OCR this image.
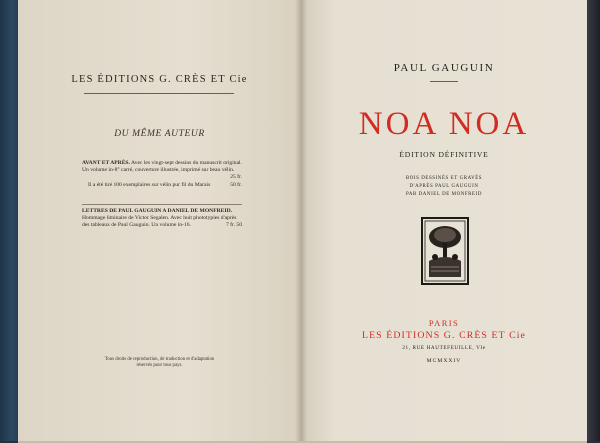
LES ÉDITIONS G. CRÈS ET Cie
DU MÊME AUTEUR
AVANT ET APRÈS. Avec les vingt-sept dessins du manuscrit original. Un volume in-8° carré, couverture illustrée, imprimé sur beau vélin.
25 fr.
Il a été tiré 100 exemplaires sur vélin pur fil du Marais	50 fr.
LETTRES DE PAUL GAUGUIN A DANIEL DE MONFREID. Hommage liminaire de Victor Segalen. Avec huit phototypies d'après des tableaux de Paul Gauguin. Un volume in-16.	7 fr. 50
Tous droits de reproduction, de traduction et d'adaptation
réservés pour tous pays.
PAUL GAUGUIN
NOA NOA
ÉDITION DÉFINITIVE
BOIS DESSINÉS ET GRAVÉS
D'APRÈS PAUL GAUGUIN
PAR DANIEL DE MONFREID
PARIS
LES ÉDITIONS G. CRÈS ET Cie
21, RUE HAUTEFEUILLE, VIe
MCMXXIV
